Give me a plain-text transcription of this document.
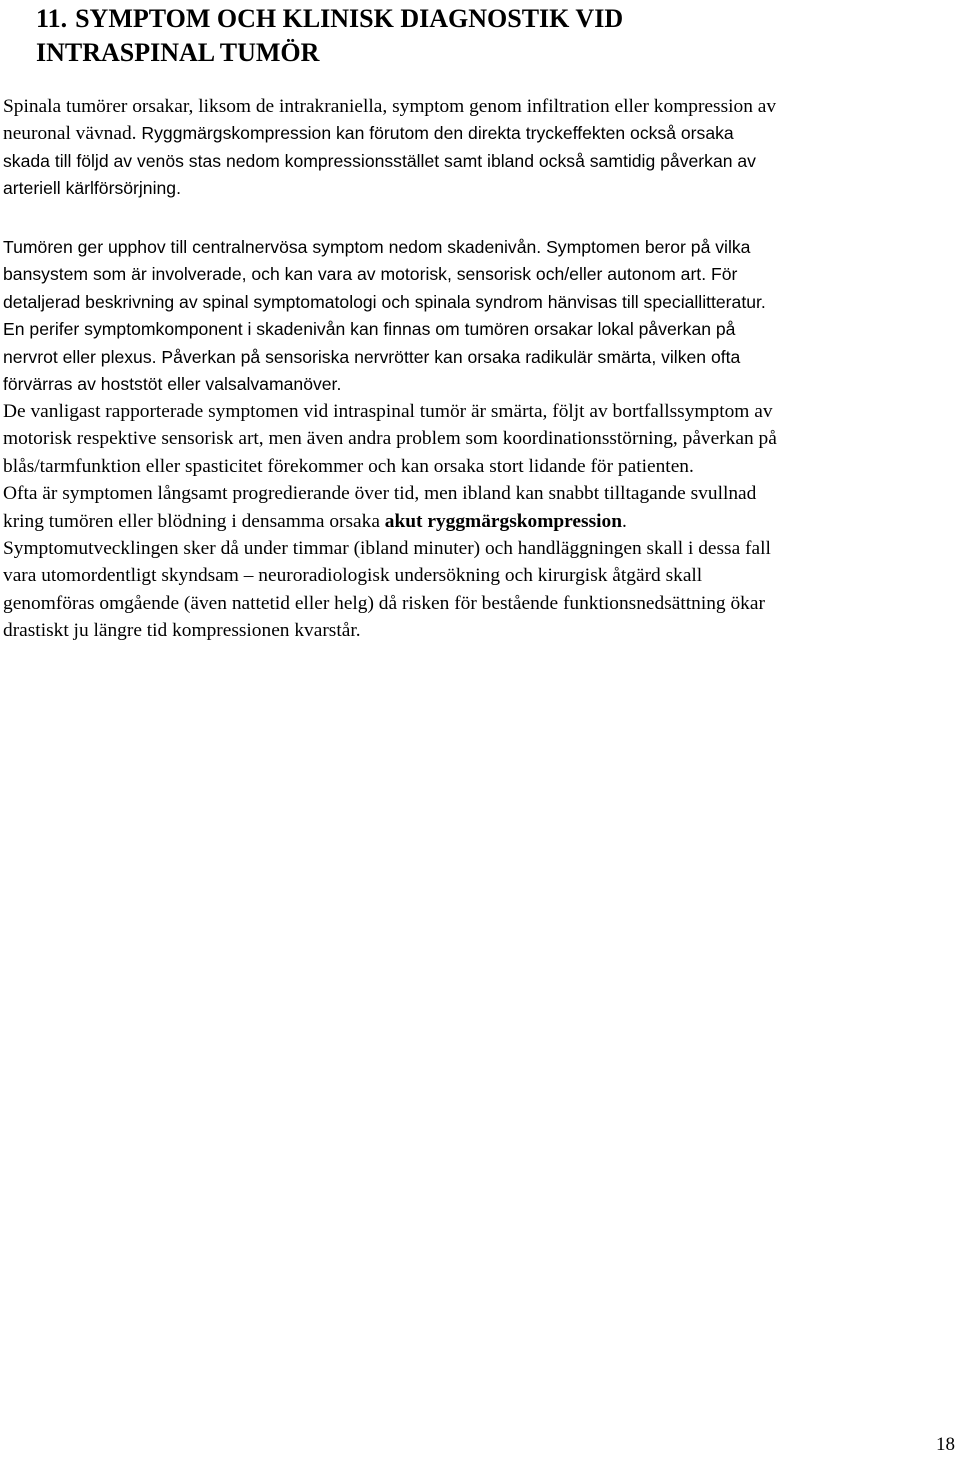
11. SYMPTOM OCH KLINISK DIAGNOSTIK VID
INTRASPINAL TUMÖR
Spinala tumörer orsakar, liksom de intrakraniella, symptom genom infiltration eller kompression av
neuronal vävnad. Ryggmärgskompression kan förutom den direkta tryckeffekten också orsaka
skada till följd av venös stas nedom kompressionsstället samt ibland också samtidig påverkan av
arteriell kärlförsörjning.
Tumören ger upphov till centralnervösa symptom nedom skadenivån. Symptomen beror på vilka
bansystem som är involverade, och kan vara av motorisk, sensorisk och/eller autonom art. För
detaljerad beskrivning av spinal symptomatologi och spinala syndrom hänvisas till speciallitteratur.
En perifer symptomkomponent i skadenivån kan finnas om tumören orsakar lokal påverkan på
nervrot eller plexus. Påverkan på sensoriska nervrötter kan orsaka radikulär smärta, vilken ofta
förvärras av hoststöt eller valsalvamanöver.
De vanligast rapporterade symptomen vid intraspinal tumör är smärta, följt av bortfallssymptom av
motorisk respektive sensorisk art, men även andra problem som koordinationsstörning, påverkan på
blås/tarmfunktion eller spasticitet förekommer och kan orsaka stort lidande för patienten.
Ofta är symptomen långsamt progredierande över tid, men ibland kan snabbt tilltagande svullnad
kring tumören eller blödning i densamma orsaka akut ryggmärgskompression.
Symptomutvecklingen sker då under timmar (ibland minuter) och handläggningen skall i dessa fall
vara utomordentligt skyndsam – neuroradiologisk undersökning och kirurgisk åtgärd skall
genomföras omgående (även nattetid eller helg) då risken för bestående funktionsnedsättning ökar
drastiskt ju längre tid kompressionen kvarstår.
18
